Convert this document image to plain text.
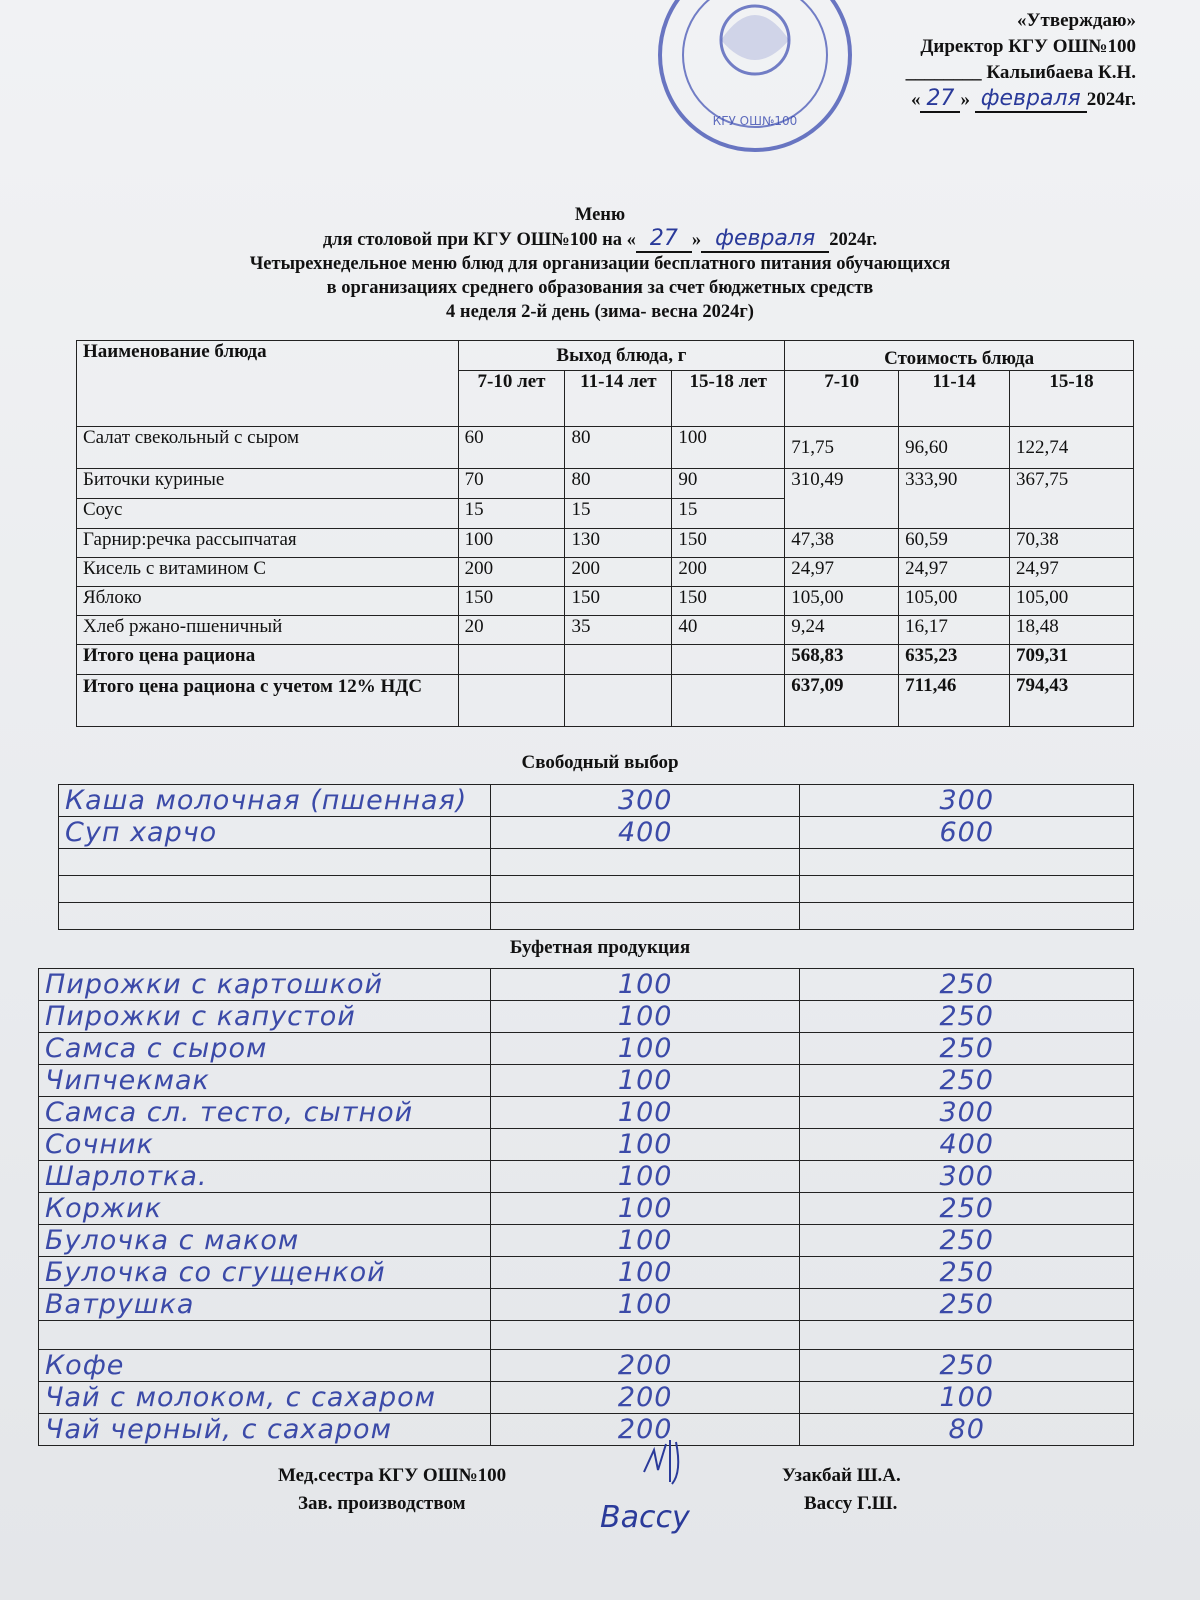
КГУ ОШ№100
«Утверждаю»
Директор КГУ ОШ№100
________ Калыибаева К.Н.
« 27 » февраля 2024г.
Меню
для столовой при КГУ ОШ№100 на « 27 » февраля 2024г.
Четырехнедельное меню блюд для организации бесплатного питания обучающихся
в организациях среднего образования за счет бюджетных средств
4 неделя 2-й день (зима- весна 2024г)
Наименование блюда	Выход блюда, г			Стоимость блюда		
	7-10 лет	11-14 лет	15-18 лет	7-10	11-14	15-18
Салат свекольный с сыром	60	80	100	71,75	96,60	122,74
Биточки куриные	70	80	90	310,49	333,90	367,75
Соус	15	15	15			
Гарнир:речка рассыпчатая	100	130	150	47,38	60,59	70,38
Кисель с витамином С	200	200	200	24,97	24,97	24,97
Яблоко	150	150	150	105,00	105,00	105,00
Хлеб ржано-пшеничный	20	35	40	9,24	16,17	18,48
Итого цена рациона				568,83	635,23	709,31
Итого цена рациона с учетом 12% НДС				637,09	711,46	794,43
Свободный выбор
Каша молочная (пшенная)	300	300
Суп харчо	400	600

Буфетная продукция
Пирожки с картошкой	100	250
Пирожки с капустой	100	250
Самса с сыром	100	250
Чипчекмак	100	250
Самса сл. тесто, сытной	100	300
Сочник	100	400
Шарлотка.	100	300
Коржик	100	250
Булочка с маком	100	250
Булочка со сгущенкой	100	250
Ватрушка	100	250

Кофе	200	250
Чай с молоком, с сахаром	200	100
Чай черный, с сахаром	200	80
Мед.сестра КГУ ОШ№100
Зав. производством
Узакбай Ш.А.
Вассу Г.Ш.
Вассу
